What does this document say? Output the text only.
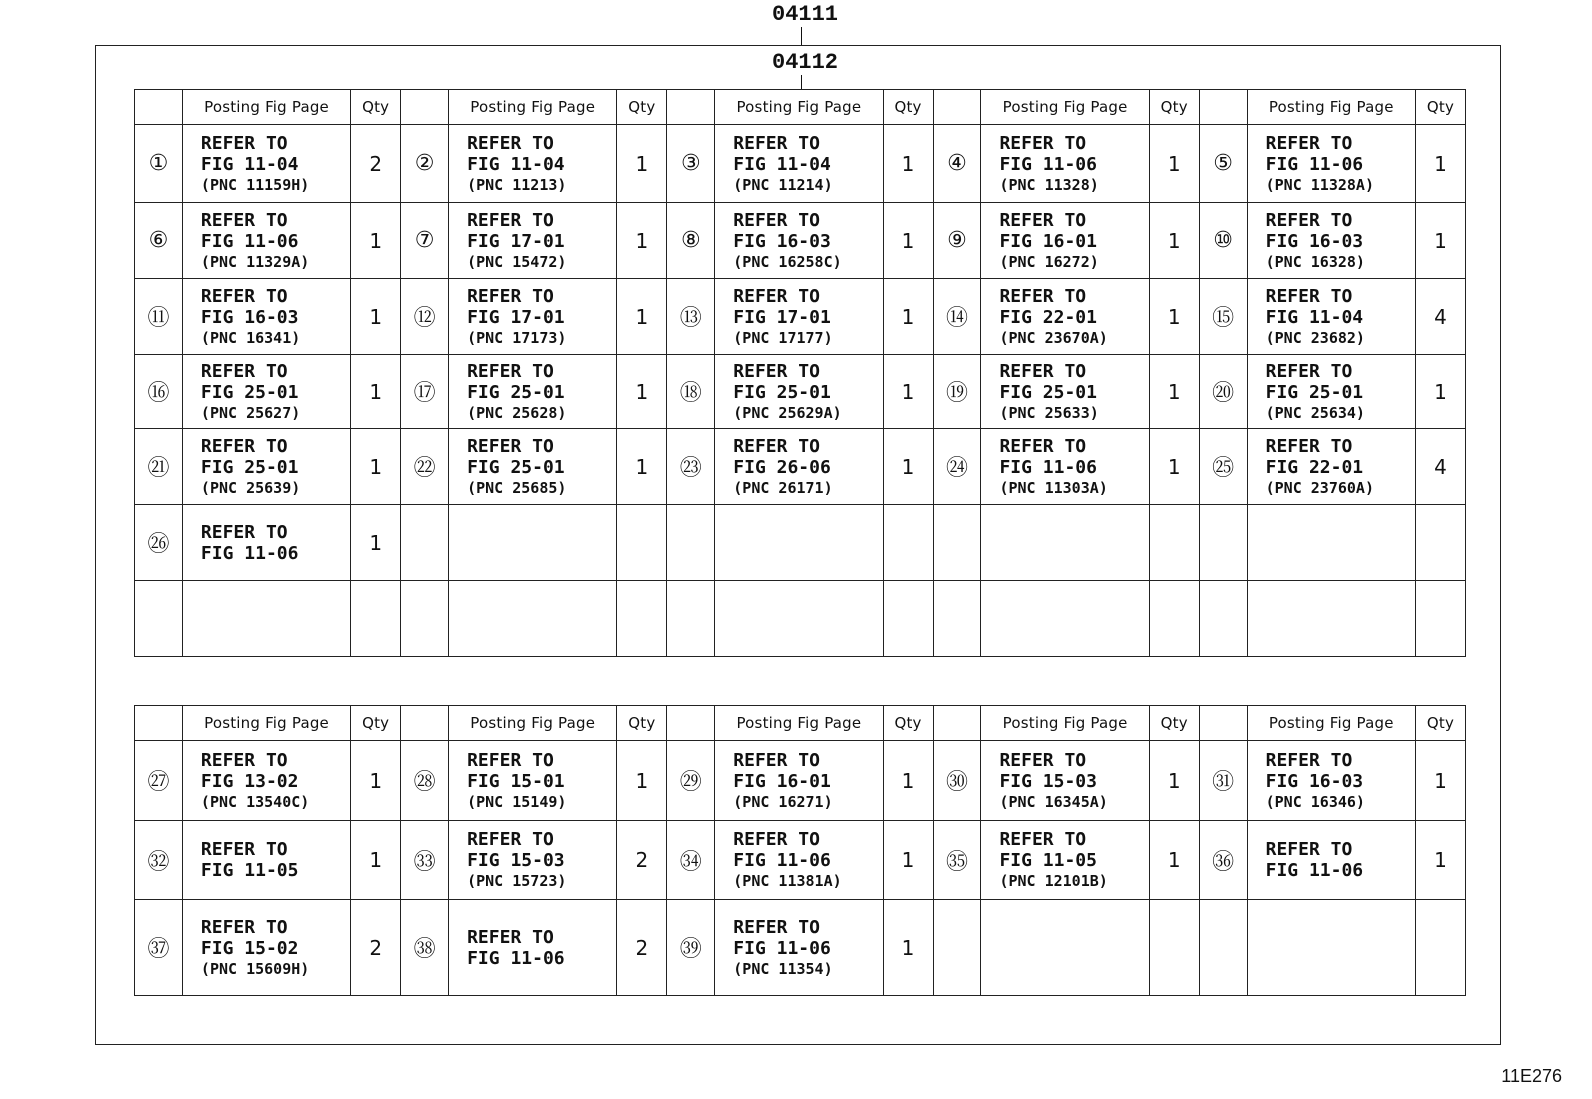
04111
04112
	Posting Fig Page	Qty		Posting Fig Page	Qty		Posting Fig Page	Qty		Posting Fig Page	Qty		Posting Fig Page	Qty
①	REFER TO
FIG 11-04
(PNC 11159H)	2	②	REFER TO
FIG 11-04
(PNC 11213)	1	③	REFER TO
FIG 11-04
(PNC 11214)	1	④	REFER TO
FIG 11-06
(PNC 11328)	1	⑤	REFER TO
FIG 11-06
(PNC 11328A)	1
⑥	REFER TO
FIG 11-06
(PNC 11329A)	1	⑦	REFER TO
FIG 17-01
(PNC 15472)	1	⑧	REFER TO
FIG 16-03
(PNC 16258C)	1	⑨	REFER TO
FIG 16-01
(PNC 16272)	1	⑩	REFER TO
FIG 16-03
(PNC 16328)	1
⑪	REFER TO
FIG 16-03
(PNC 16341)	1	⑫	REFER TO
FIG 17-01
(PNC 17173)	1	⑬	REFER TO
FIG 17-01
(PNC 17177)	1	⑭	REFER TO
FIG 22-01
(PNC 23670A)	1	⑮	REFER TO
FIG 11-04
(PNC 23682)	4
⑯	REFER TO
FIG 25-01
(PNC 25627)	1	⑰	REFER TO
FIG 25-01
(PNC 25628)	1	⑱	REFER TO
FIG 25-01
(PNC 25629A)	1	⑲	REFER TO
FIG 25-01
(PNC 25633)	1	⑳	REFER TO
FIG 25-01
(PNC 25634)	1
㉑	REFER TO
FIG 25-01
(PNC 25639)	1	㉒	REFER TO
FIG 25-01
(PNC 25685)	1	㉓	REFER TO
FIG 26-06
(PNC 26171)	1	㉔	REFER TO
FIG 11-06
(PNC 11303A)	1	㉕	REFER TO
FIG 22-01
(PNC 23760A)	4
㉖	REFER TO
FIG 11-06	1		

	Posting Fig Page	Qty		Posting Fig Page	Qty		Posting Fig Page	Qty		Posting Fig Page	Qty		Posting Fig Page	Qty
㉗	REFER TO
FIG 13-02
(PNC 13540C)	1	㉘	REFER TO
FIG 15-01
(PNC 15149)	1	㉙	REFER TO
FIG 16-01
(PNC 16271)	1	㉚	REFER TO
FIG 15-03
(PNC 16345A)	1	㉛	REFER TO
FIG 16-03
(PNC 16346)	1
㉜	REFER TO
FIG 11-05	1	㉝	REFER TO
FIG 15-03
(PNC 15723)	2	㉞	REFER TO
FIG 11-06
(PNC 11381A)	1	㉟	REFER TO
FIG 11-05
(PNC 12101B)	1	㊱	REFER TO
FIG 11-06	1
㊲	REFER TO
FIG 15-02
(PNC 15609H)	2	㊳	REFER TO
FIG 11-06	2	㊴	REFER TO
FIG 11-06
(PNC 11354)	1		

11E276
